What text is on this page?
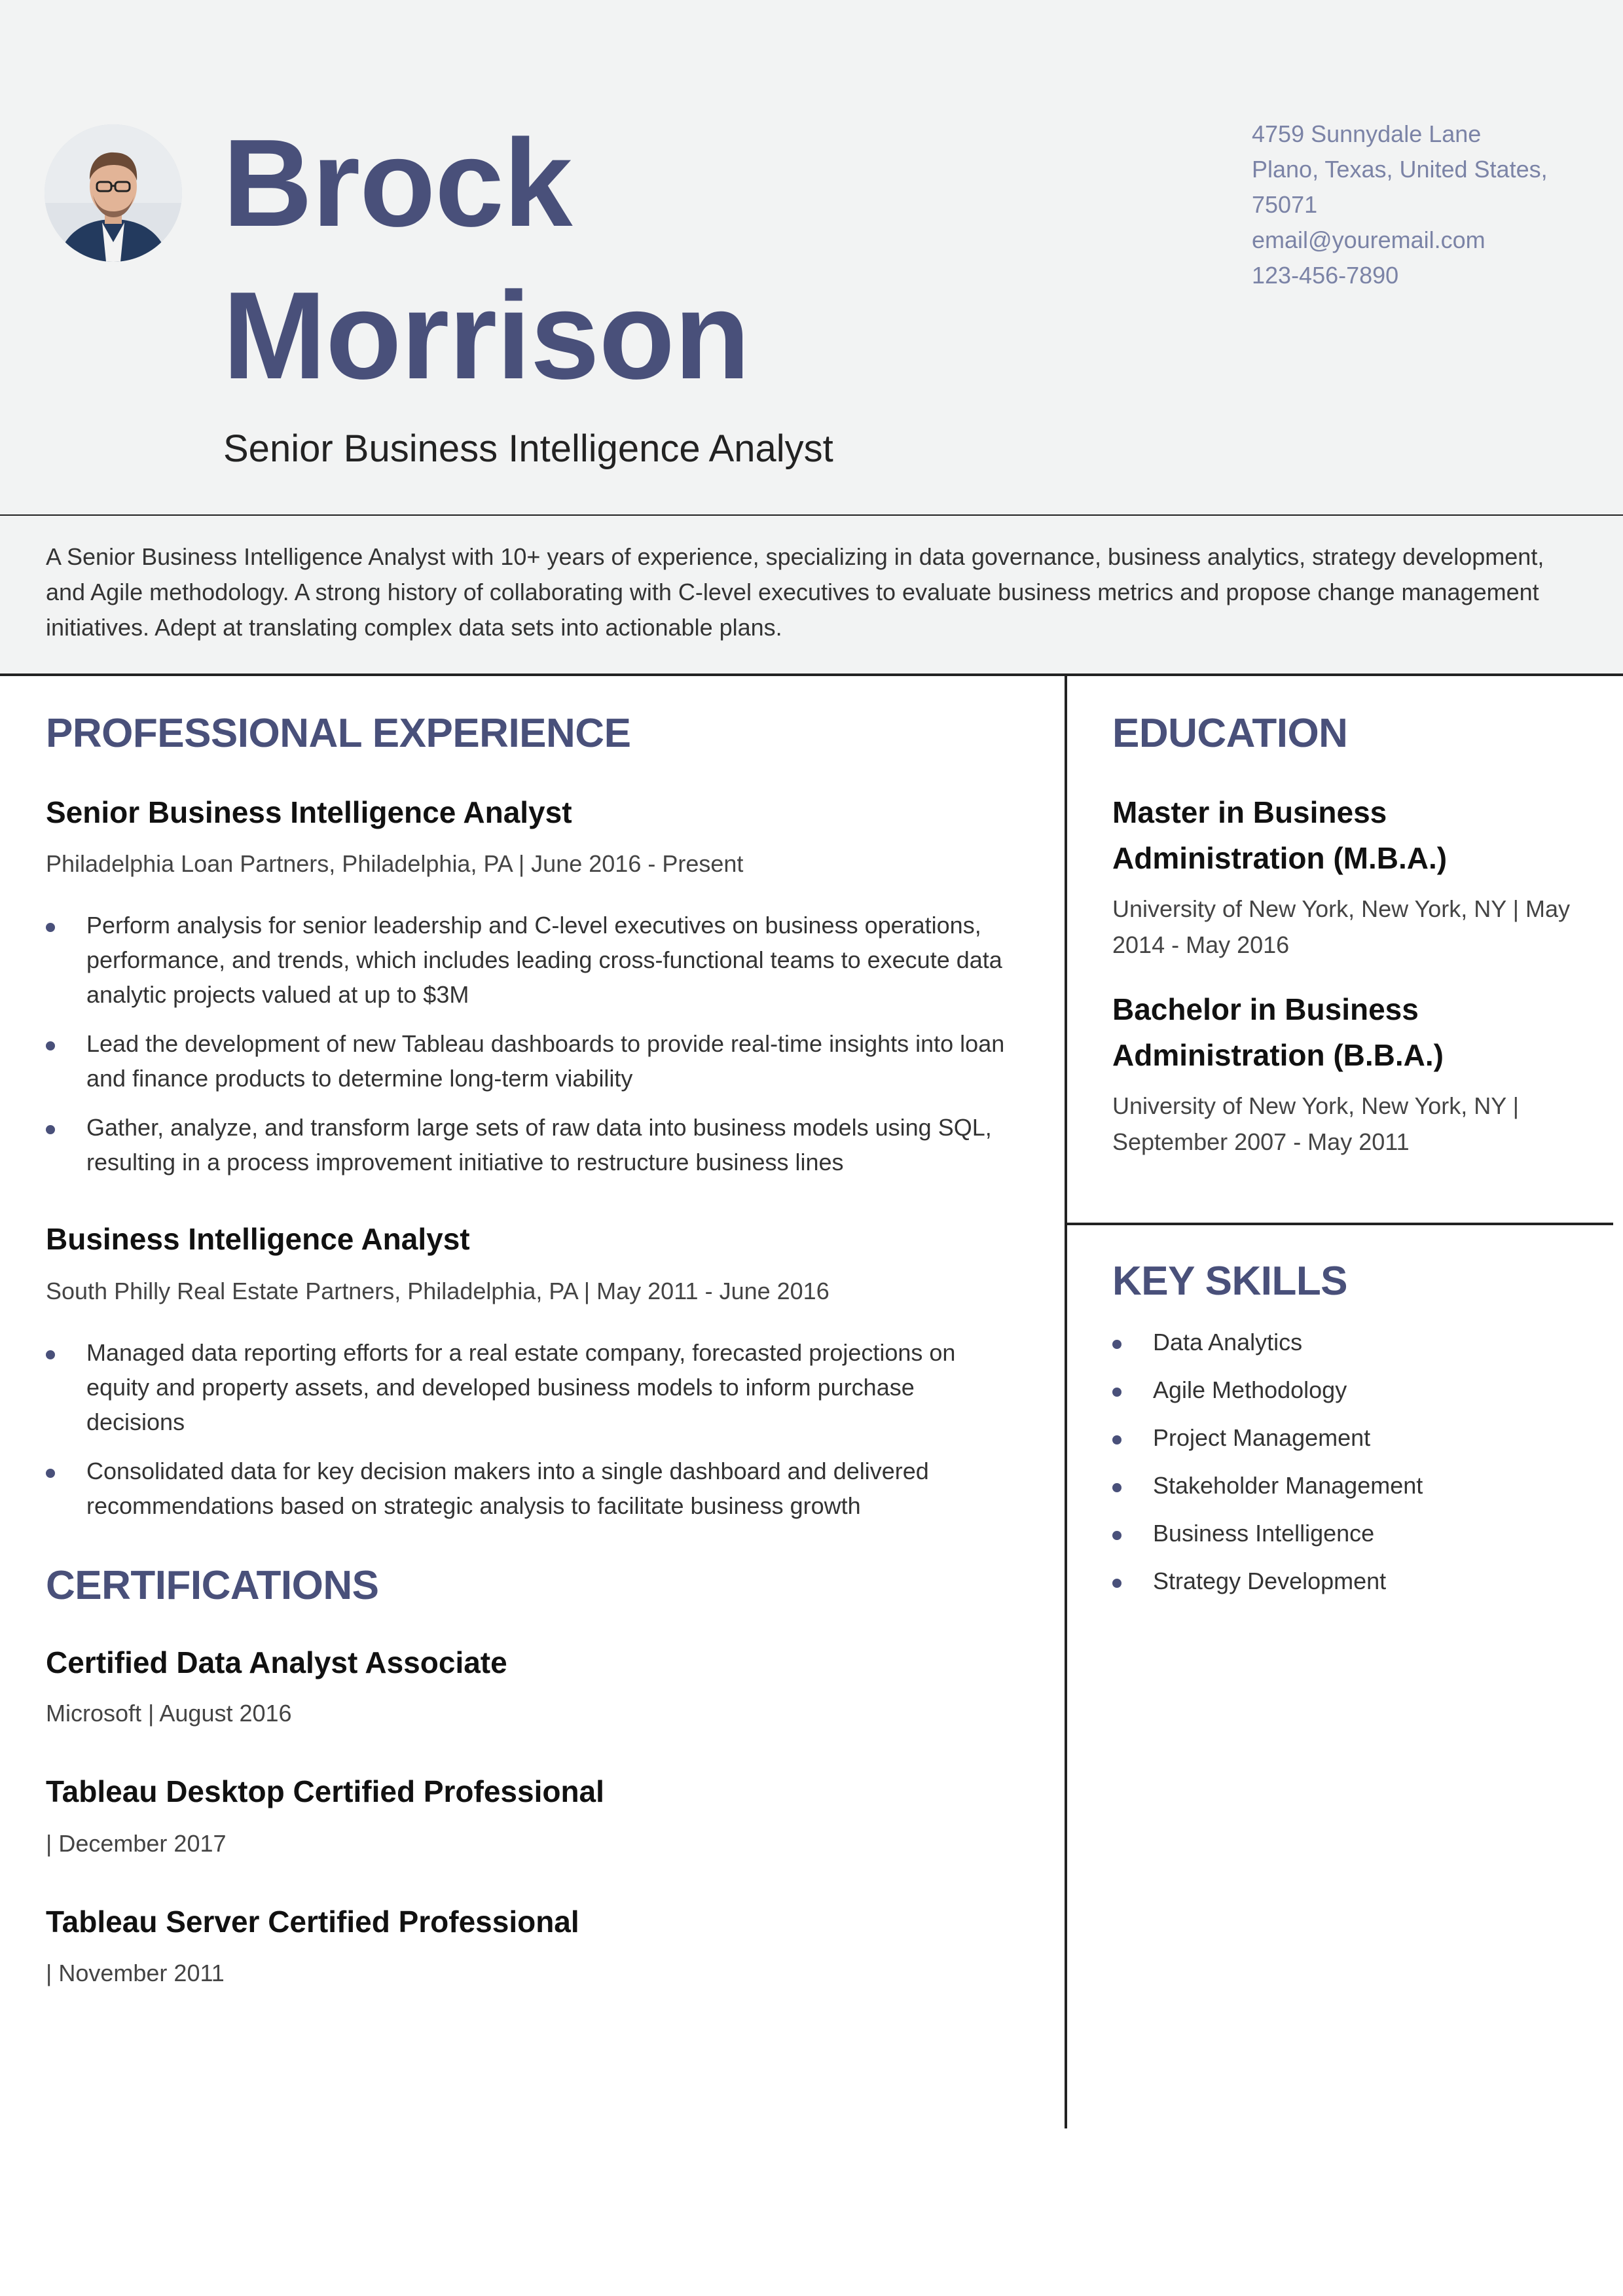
Brock
Morrison
Senior Business Intelligence Analyst
4759 Sunnydale Lane
Plano, Texas, United States,
75071
email@youremail.com
123-456-7890
A Senior Business Intelligence Analyst with 10+ years of experience, specializing in data governance, business analytics, strategy development, and Agile methodology. A strong history of collaborating with C-level executives to evaluate business metrics and propose change management initiatives. Adept at translating complex data sets into actionable plans.
PROFESSIONAL EXPERIENCE
Senior Business Intelligence Analyst
Philadelphia Loan Partners, Philadelphia, PA | June 2016 - Present
Perform analysis for senior leadership and C-level executives on business operations, performance, and trends, which includes leading cross-functional teams to execute data analytic projects valued at up to $3M
Lead the development of new Tableau dashboards to provide real-time insights into loan and finance products to determine long-term viability
Gather, analyze, and transform large sets of raw data into business models using SQL, resulting in a process improvement initiative to restructure business lines
Business Intelligence Analyst
South Philly Real Estate Partners, Philadelphia, PA | May 2011 - June 2016
Managed data reporting efforts for a real estate company, forecasted projections on equity and property assets, and developed business models to inform purchase decisions
Consolidated data for key decision makers into a single dashboard and delivered recommendations based on strategic analysis to facilitate business growth
CERTIFICATIONS
Certified Data Analyst Associate
Microsoft | August 2016
Tableau Desktop Certified Professional
| December 2017
Tableau Server Certified Professional
| November 2011
EDUCATION
Master in Business
Administration (M.B.A.)
University of New York, New York, NY | May
2014 - May 2016
Bachelor in Business
Administration (B.B.A.)
University of New York, New York, NY |
September 2007 - May 2011
KEY SKILLS
Data Analytics
Agile Methodology
Project Management
Stakeholder Management
Business Intelligence
Strategy Development
